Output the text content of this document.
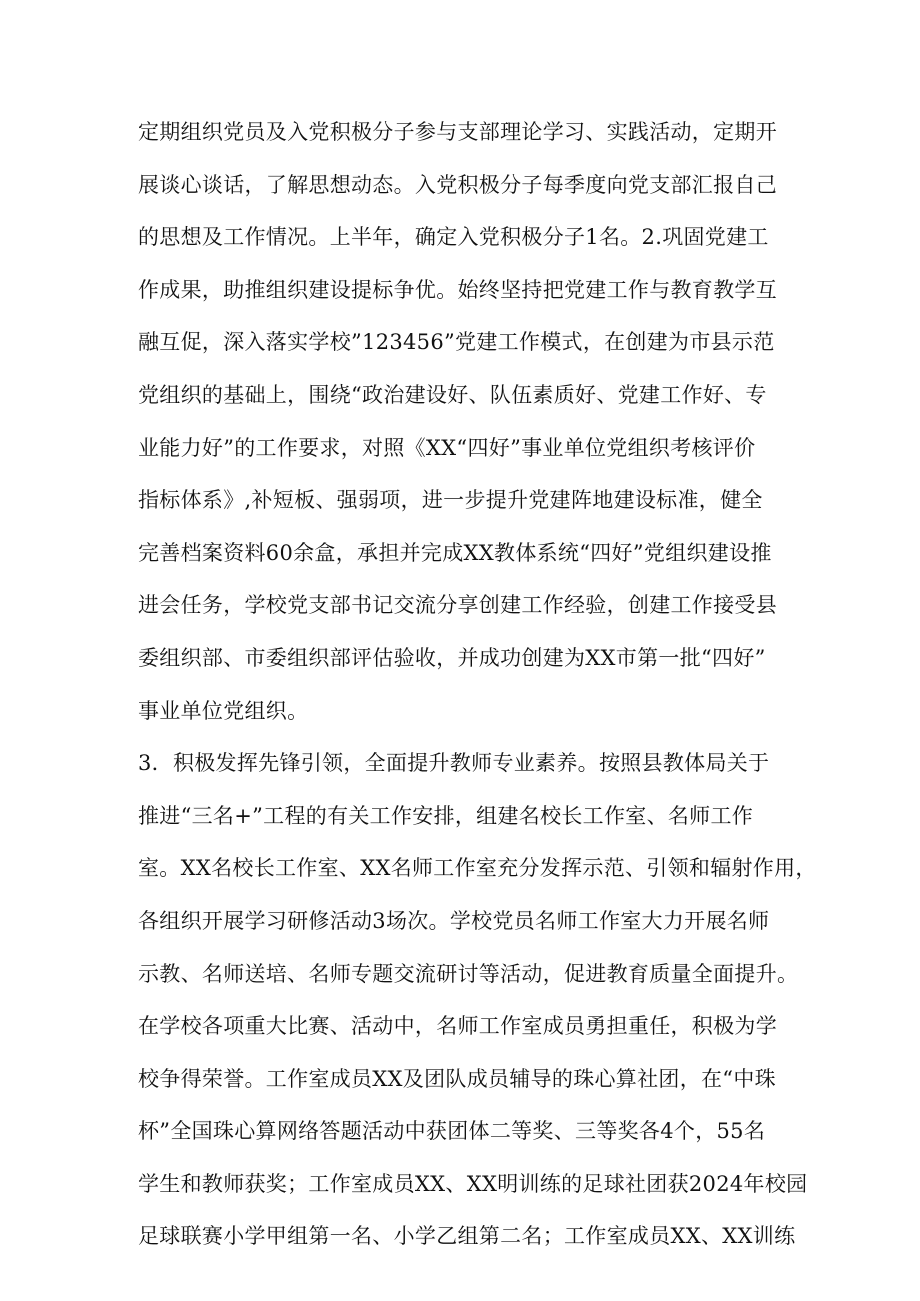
定期组织党员及入党积极分子参与支部理论学习、实践活动，定期开
展谈心谈话，了解思想动态。入党积极分子每季度向党支部汇报自己
的思想及工作情况。上半年，确定入党积极分子1名。2.巩固党建工
作成果，助推组织建设提标争优。始终坚持把党建工作与教育教学互
融互促，深入落实学校”123456”党建工作模式，在创建为市县示范
党组织的基础上，围绕“政治建设好、队伍素质好、党建工作好、专
业能力好”的工作要求，对照《XX“四好”事业单位党组织考核评价
指标体系》,补短板、强弱项，进一步提升党建阵地建设标准，健全
完善档案资料60余盒，承担并完成XX教体系统“四好”党组织建设推
进会任务，学校党支部书记交流分享创建工作经验，创建工作接受县
委组织部、市委组织部评估验收，并成功创建为XX市第一批“四好”
事业单位党组织。
3．积极发挥先锋引领，全面提升教师专业素养。按照县教体局关于
推进“三名+”工程的有关工作安排，组建名校长工作室、名师工作
室。XX名校长工作室、XX名师工作室充分发挥示范、引领和辐射作用，
各组织开展学习研修活动3场次。学校党员名师工作室大力开展名师
示教、名师送培、名师专题交流研讨等活动，促进教育质量全面提升。
在学校各项重大比赛、活动中，名师工作室成员勇担重任，积极为学
校争得荣誉。工作室成员XX及团队成员辅导的珠心算社团，在“中珠
杯”全国珠心算网络答题活动中获团体二等奖、三等奖各4个，55名
学生和教师获奖；工作室成员XX、XX明训练的足球社团获2024年校园
足球联赛小学甲组第一名、小学乙组第二名；工作室成员XX、XX训练
